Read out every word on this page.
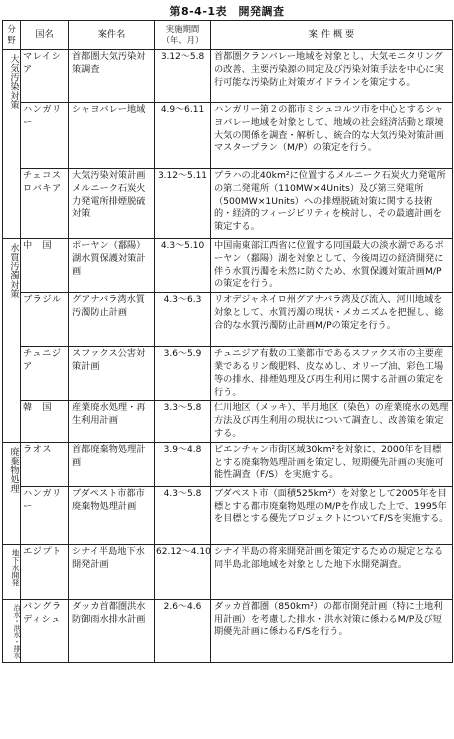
第8-4-1表　開発調査
分野	国名	案件名	実施期間
（年、月）	案 件 概 要
大気汚染対策	マレイシア	首都圏大気汚染対策調査	3.12～5.8	首都圏クランバレー地域を対象とし、大気モニタリングの改善、主要汚染源の同定及び汚染対策手法を中心に実行可能な汚染防止対策ガイドラインを策定する。
	ハンガリー	シャヨバレー地域	4.9～6.11	ハンガリー第２の都市ミシュコルツ市を中心とするシャヨバレー地域を対象として、地域の社会経済活動と環境大気の関係を調査・解析し、統合的な大気汚染対策計画マスタープラン（M/P）の策定を行う。
	チェコスロバキア	大気汚染対策計画 メルニーク石炭火力発電所排煙脱硫対策	3.12～5.11	プラハの北40km²に位置するメルニーク石炭火力発電所の第二発電所（110MW×4Units）及び第三発電所（500MW×1Units）への排煙脱硫対策に関する技術的・経済的フィージビリティを検討し、その最適計画を策定する。
水質汚濁対策	中　国	ポーヤン（鄱陽）湖水質保護対策計画	4.3～5.10	中国南東部江西省に位置する同国最大の淡水湖であるポーヤン（鄱陽）湖を対象として、今後周辺の経済開発に伴う水質汚濁を未然に防ぐため、水質保護対策計画M/Pの策定を行う。
	ブラジル	グアナバラ湾水質汚濁防止計画	4.3～6.3	リオデジャネイロ州グアナバラ湾及び流入、河川地域を対象として、水質汚濁の現状・メカニズムを把握し、総合的な水質汚濁防止計画M/Pの策定を行う。
	チュニジア	スファクス公害対策計画	3.6～5.9	チュニジア有数の工業都市であるスファクス市の主要産業であるリン酸肥料、皮なめし、オリーブ油、彩色工場等の排水、排煙処理及び再生利用に関する計画の策定を行う。
	韓　国	産業廃水処理・再生利用計画	3.3～5.8	仁川地区（メッキ）、半月地区（染色）の産業廃水の処理方法及び再生利用の現状について調査し、改善策を策定する。
廃棄物処理	ラオス	首都廃棄物処理計画	3.9～4.8	ビエンチャン市街区域30km²を対象に、2000年を目標とする廃棄物処理計画を策定し、短期優先計画の実施可能性調査（F/S）を実施する。
	ハンガリー	ブダペスト市都市廃棄物処理計画	4.3～5.8	ブダペスト市（面積525km²）を対象として2005年を目標とする都市廃棄物処理のM/Pを作成した上で、1995年を目標とする優先プロジェクトについてF/Sを実施する。
地下水開発	エジプト	シナイ半島地下水開発計画	62.12～4.10	シナイ半島の将来開発計画を策定するための規定となる同半島北部地域を対象とした地下水開発調査。
治水・洪水・排水	バングラディシュ	ダッカ首都圏洪水防御雨水排水計画	2.6～4.6	ダッカ首都圏（850km²）の都市開発計画（特に土地利用計画）を考慮した排水・洪水対策に係わるM/P及び短期優先計画に係わるF/Sを行う。
